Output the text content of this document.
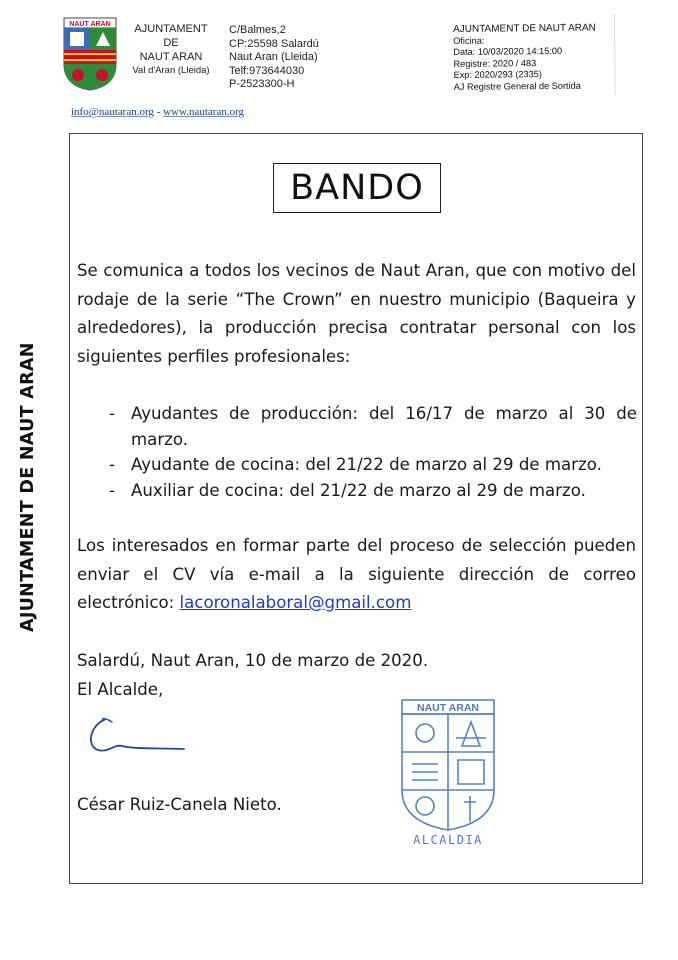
NAUT ARAN	AJUNTAMENT
DE
NAUT ARAN
Val d'Aran (Lleida)
C/Balmes,2
CP:25598 Salardú
Naut Aran (Lleida)
Telf:973644030
P-2523300-H
AJUNTAMENT DE NAUT ARAN
Oficina:
Data: 10/03/2020 14:15:00
Registre: 2020 / 483
Exp: 2020/293 (2335)
AJ Registre General de Sortida
info@nautaran.org - www.nautaran.org
AJUNTAMENT DE NAUT ARAN
BANDO
Se comunica a todos los vecinos de Naut Aran, que con motivo del rodaje de la serie “The Crown” en nuestro municipio (Baqueira y alrededores), la producción precisa contratar personal con los siguientes perfiles profesionales:
- Ayudantes de producción: del 16/17 de marzo al 30 de marzo.
- Ayudante de cocina: del 21/22 de marzo al 29 de marzo.
- Auxiliar de cocina: del 21/22 de marzo al 29 de marzo.
Los interesados en formar parte del proceso de selección pueden enviar el CV vía e-mail a la siguiente dirección de correo electrónico: lacoronalaboral@gmail.com
Salardú, Naut Aran, 10 de marzo de 2020.
El Alcalde,
César Ruiz-Canela Nieto.
NAUT ARAN
ALCALDIA
